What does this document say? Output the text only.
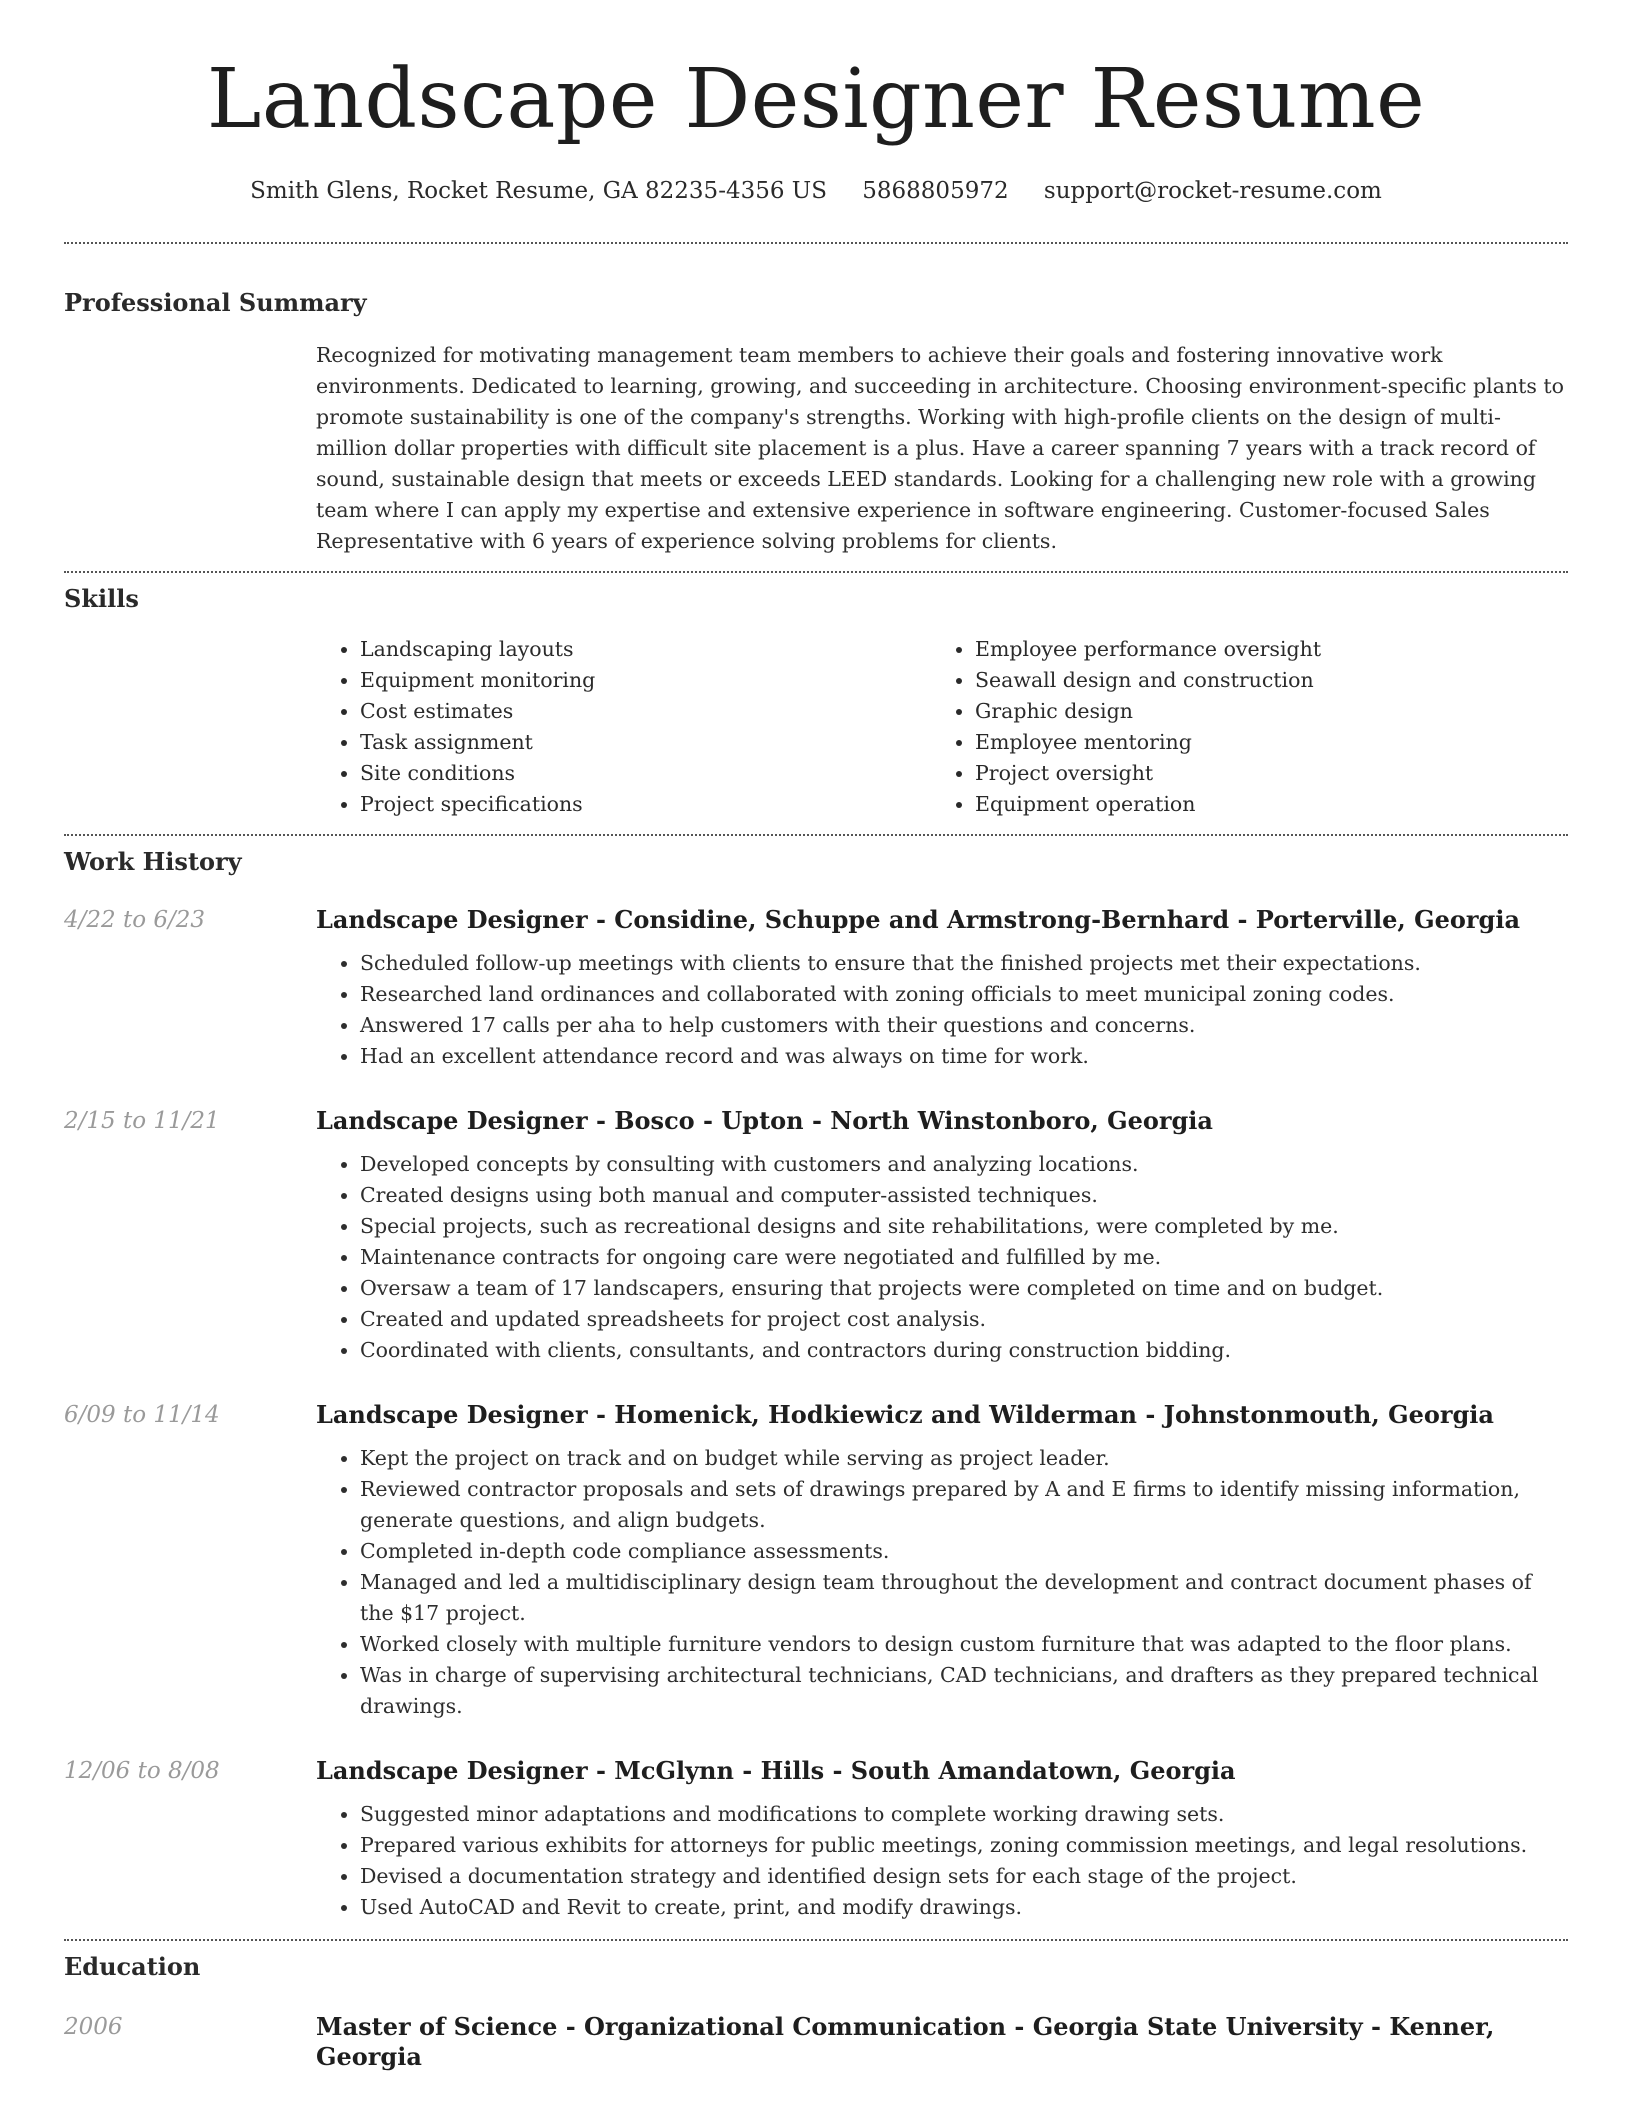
Landscape Designer Resume
Smith Glens, Rocket Resume, GA 82235-4356 US 5868805972 support@rocket-resume.com
Professional Summary

Recognized for motivating management team members to achieve their goals and fostering innovative work environments. Dedicated to learning, growing, and succeeding in architecture. Choosing environment-specific plants to promote sustainability is one of the company's strengths. Working with high-profile clients on the design of multi-million dollar properties with difficult site placement is a plus. Have a career spanning 7 years with a track record of sound, sustainable design that meets or exceeds LEED standards. Looking for a challenging new role with a growing team where I can apply my expertise and extensive experience in software engineering. Customer-focused Sales Representative with 6 years of experience solving problems for clients.

Skills
• Landscaping layouts
• Equipment monitoring
• Cost estimates
• Task assignment
• Site conditions
• Project specifications
• Employee performance oversight
• Seawall design and construction
• Graphic design
• Employee mentoring
• Project oversight
• Equipment operation
Work History
4/22 to 6/23	Landscape Designer - Considine, Schuppe and Armstrong-Bernhard - Porterville, Georgia
• Scheduled follow-up meetings with clients to ensure that the finished projects met their expectations.
• Researched land ordinances and collaborated with zoning officials to meet municipal zoning codes.
• Answered 17 calls per aha to help customers with their questions and concerns.
• Had an excellent attendance record and was always on time for work.
2/15 to 11/21	Landscape Designer - Bosco - Upton - North Winstonboro, Georgia
• Developed concepts by consulting with customers and analyzing locations.
• Created designs using both manual and computer-assisted techniques.
• Special projects, such as recreational designs and site rehabilitations, were completed by me.
• Maintenance contracts for ongoing care were negotiated and fulfilled by me.
• Oversaw a team of 17 landscapers, ensuring that projects were completed on time and on budget.
• Created and updated spreadsheets for project cost analysis.
• Coordinated with clients, consultants, and contractors during construction bidding.
6/09 to 11/14	Landscape Designer - Homenick, Hodkiewicz and Wilderman - Johnstonmouth, Georgia
• Kept the project on track and on budget while serving as project leader.
• Reviewed contractor proposals and sets of drawings prepared by A and E firms to identify missing information, generate questions, and align budgets.
• Completed in-depth code compliance assessments.
• Managed and led a multidisciplinary design team throughout the development and contract document phases of the $17 project.
• Worked closely with multiple furniture vendors to design custom furniture that was adapted to the floor plans.
• Was in charge of supervising architectural technicians, CAD technicians, and drafters as they prepared technical drawings.
12/06 to 8/08	Landscape Designer - McGlynn - Hills - South Amandatown, Georgia
• Suggested minor adaptations and modifications to complete working drawing sets.
• Prepared various exhibits for attorneys for public meetings, zoning commission meetings, and legal resolutions.
• Devised a documentation strategy and identified design sets for each stage of the project.
• Used AutoCAD and Revit to create, print, and modify drawings.
Education
2006	Master of Science - Organizational Communication - Georgia State University - Kenner, Georgia
